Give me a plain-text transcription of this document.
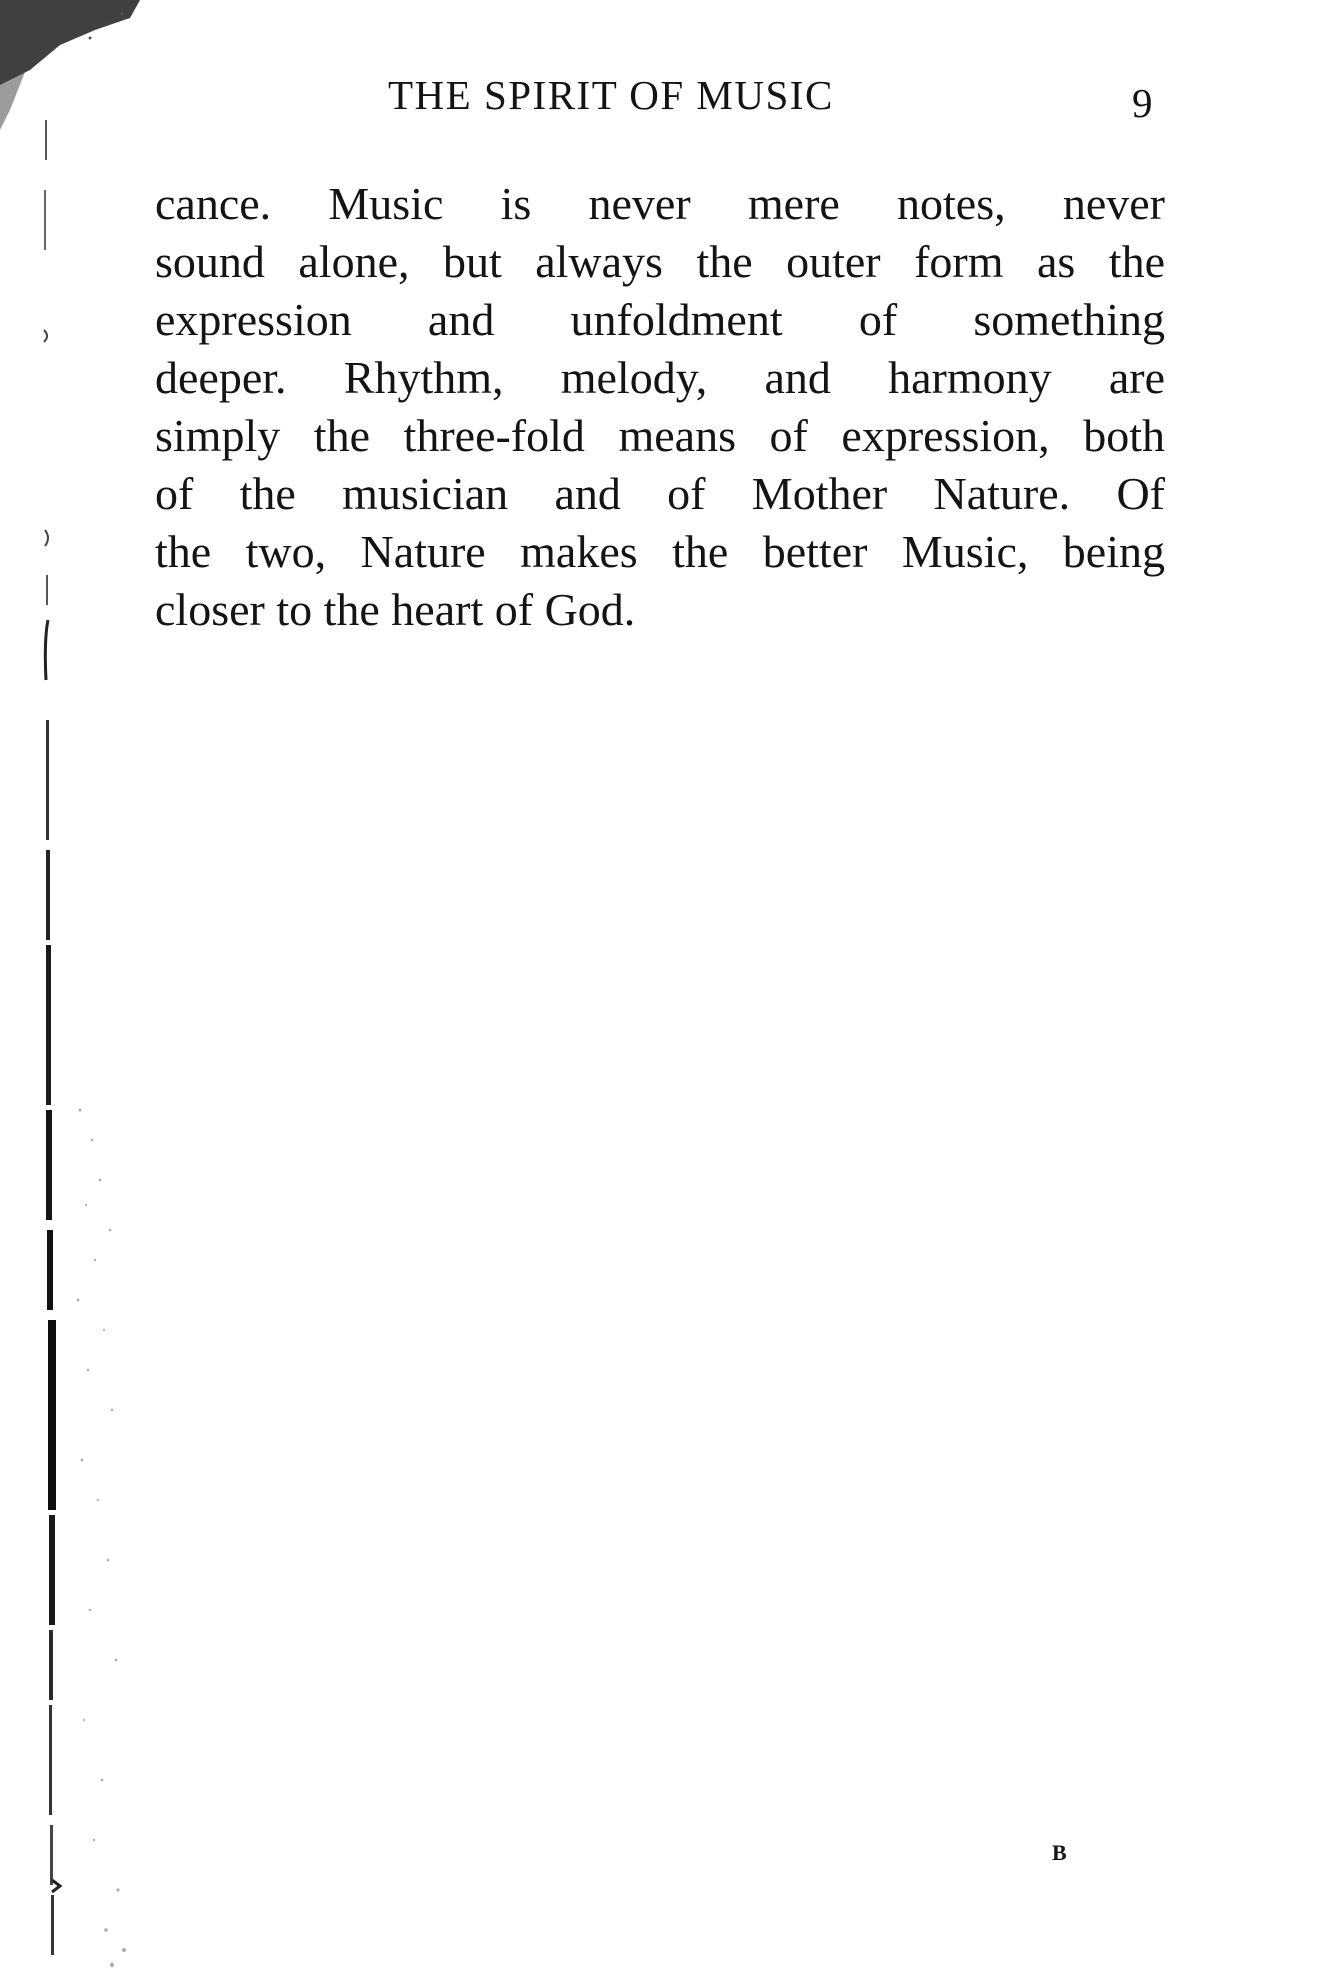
THE SPIRIT OF MUSIC	9

cance. Music is never mere notes, never
sound alone, but always the outer form as the
expression and unfoldment of something
deeper. Rhythm, melody, and harmony are
simply the three-fold means of expression, both
of the musician and of Mother Nature. Of
the two, Nature makes the better Music, being
closer to the heart of God.

B
